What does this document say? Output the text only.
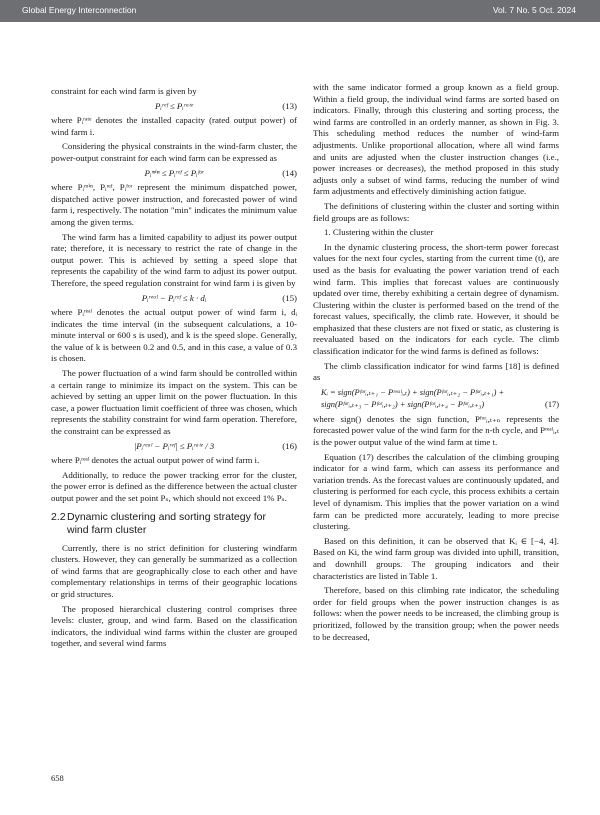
Global Energy Interconnection	Vol. 7 No. 5 Oct. 2024

constraint for each wind farm is given by

Pᵢʳᵉᶠ ≤ Pᵢʳᵃᵗᵉ	(13)

where Pᵢʳᵃᵗᵉ denotes the installed capacity (rated output power) of wind farm i.

Considering the physical constraints in the wind-farm cluster, the power-output constraint for each wind farm can be expressed as

Pᵢᵐⁱⁿ ≤ Pᵢʳᵉᶠ ≤ Pᵢᶠᵒʳ	(14)

where Pᵢᵐⁱⁿ, Pᵢʳᵉᶠ, Pᵢᶠᵒʳ represent the minimum dispatched power, dispatched active power instruction, and forecasted power of wind farm i, respectively. The notation "min" indicates the minimum value among the given terms.

The wind farm has a limited capability to adjust its power output rate; therefore, it is necessary to restrict the rate of change in the output power. This is achieved by setting a speed slope that represents the capability of the wind farm to adjust its power output. Therefore, the speed regulation constraint for wind farm i is given by

Pᵢʳᵉᵃˡ − Pᵢʳᵉᶠ ≤ k · dᵢ	(15)

where Pᵢʳᵉᵃˡ denotes the actual output power of wind farm i, dᵢ indicates the time interval (in the subsequent calculations, a 10-minute interval or 600 s is used), and k is the speed slope. Generally, the value of k is between 0.2 and 0.5, and in this case, a value of 0.3 is chosen.

The power fluctuation of a wind farm should be controlled within a certain range to minimize its impact on the system. This can be achieved by setting an upper limit on the power fluctuation. In this case, a power fluctuation limit coefficient of three was chosen, which represents the stability constraint for wind farm operation. Therefore, the constraint can be expressed as

|Pᵢʳᵉᵃˡ − Pᵢʳᵉᶠ| ≤ Pᵢʳᵃᵗᵉ / 3	(16)

where Pᵢʳᵉᵃˡ denotes the actual output power of wind farm i.

Additionally, to reduce the power tracking error for the cluster, the power error is defined as the difference between the actual cluster output power and the set point Pₛ, which should not exceed 1% Pₛ.

2.2Dynamic clustering and sorting strategy for
wind farm cluster

Currently, there is no strict definition for clustering windfarm clusters. However, they can generally be summarized as a collection of wind farms that are geographically close to each other and have complementary relationships in terms of their geographic locations or grid structures.

The proposed hierarchical clustering control comprises three levels: cluster, group, and wind farm. Based on the classification indicators, the individual wind farms within the cluster are grouped together, and several wind farms

with the same indicator formed a group known as a field group. Within a field group, the individual wind farms are sorted based on indicators. Finally, through this clustering and sorting process, the wind farms are controlled in an orderly manner, as shown in Fig. 3. This scheduling method reduces the number of wind-farm adjustments. Unlike proportional allocation, where all wind farms and units are adjusted when the cluster instruction changes (i.e., power increases or decreases), the method proposed in this study adjusts only a subset of wind farms, reducing the number of wind farm adjustments and effectively diminishing action fatigue.

The definitions of clustering within the cluster and sorting within field groups are as follows:

1. Clustering within the cluster

In the dynamic clustering process, the short-term power forecast values for the next four cycles, starting from the current time (t), are used as the basis for evaluating the power variation trend of each wind farm. This implies that forecast values are continuously updated over time, thereby exhibiting a certain degree of dynamism. Clustering within the cluster is performed based on the trend of the forecast values, specifically, the climb rate. However, it should be emphasized that these clusters are not fixed or static, as clustering is reevaluated based on the indicators for each cycle. The climb classification indicator for the wind farms is defined as follows:

The climb classification indicator for wind farms [18] is defined as

Kᵢ = sign(Pᶠᵒʳᵢ,ₜ₊₁ − Pʳᵉᵃˡᵢ,ₜ) + sign(Pᶠᵒʳᵢ,ₜ₊₂ − Pᶠᵒʳᵢ,ₜ₊₁) +
sign(Pᶠᵒʳᵢ,ₜ₊₃ − Pᶠᵒʳᵢ,ₜ₊₂) + sign(Pᶠᵒʳᵢ,ₜ₊₄ − Pᶠᵒʳᵢ,ₜ₊₃)	(17)

where sign() denotes the sign function, Pᶠᵒʳᵢ,ₜ₊ₙ represents the forecasted power value of the wind farm for the n-th cycle, and Pʳᵉᵃˡᵢ,ₜ is the power output value of the wind farm at time t.

Equation (17) describes the calculation of the climbing grouping indicator for a wind farm, which can assess its performance and variation trends. As the forecast values are continuously updated, and clustering is performed for each cycle, this process exhibits a certain level of dynamism. This implies that the power variation on a wind farm can be predicted more accurately, leading to more precise clustering.

Based on this definition, it can be observed that Kᵢ ∈ [−4, 4]. Based on Ki, the wind farm group was divided into uphill, transition, and downhill groups. The grouping indicators and their characteristics are listed in Table 1.

Therefore, based on this climbing rate indicator, the scheduling order for field groups when the power instruction changes is as follows: when the power needs to be increased, the climbing group is prioritized, followed by the transition group; when the power needs to be decreased,

658
